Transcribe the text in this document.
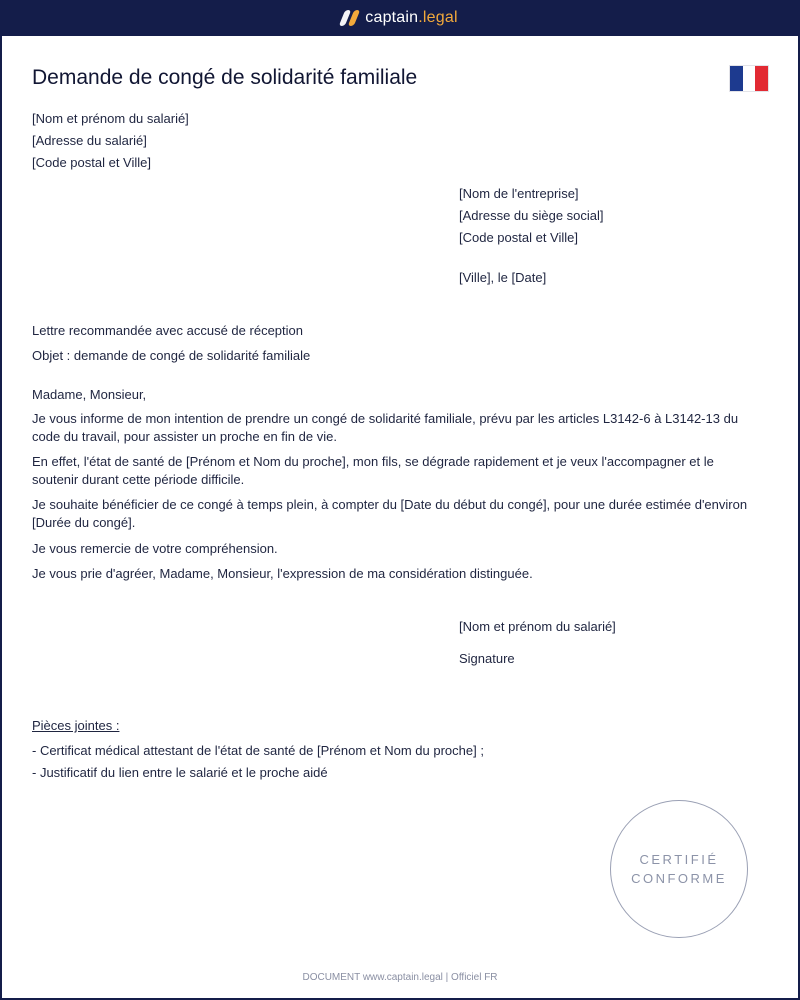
captain.legal
Demande de congé de solidarité familiale

[Nom et prénom du salarié]

[Adresse du salarié]

[Code postal et Ville]

[Nom de l'entreprise]

[Adresse du siège social]

[Code postal et Ville]

[Ville], le [Date]

Lettre recommandée avec accusé de réception

Objet : demande de congé de solidarité familiale

Madame, Monsieur,

Je vous informe de mon intention de prendre un congé de solidarité familiale, prévu par les articles L3142-6 à L3142-13 du code du travail, pour assister un proche en fin de vie.

En effet, l'état de santé de [Prénom et Nom du proche], mon fils, se dégrade rapidement et je veux l'accompagner et le soutenir durant cette période difficile.

Je souhaite bénéficier de ce congé à temps plein, à compter du [Date du début du congé], pour une durée estimée d'environ [Durée du congé].

Je vous remercie de votre compréhension.

Je vous prie d'agréer, Madame, Monsieur, l'expression de ma considération distinguée.

[Nom et prénom du salarié]

Signature

Pièces jointes :

- Certificat médical attestant de l'état de santé de [Prénom et Nom du proche] ;

- Justificatif du lien entre le salarié et le proche aidé

CERTIFIÉ
CONFORME
DOCUMENT www.captain.legal | Officiel FR
